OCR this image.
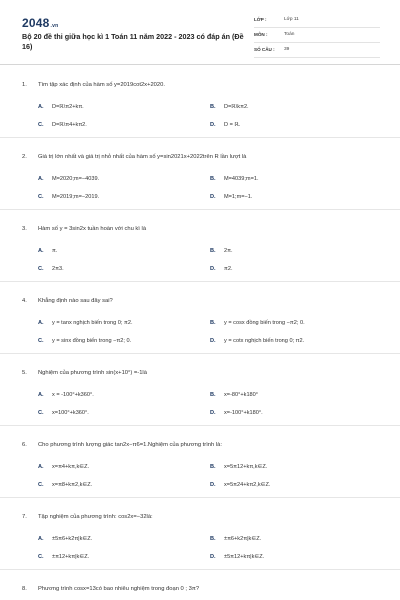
2048.vn
Bộ 20 đề thi giữa học kì 1 Toán 11 năm 2022 - 2023 có đáp án (Đề 16)
LỚP :	Lớp 11
MÔN :	Toán
SỐ CÂU : 39
1. Tìm tập xác định của hàm số y=2019cot2x+2020.
A. D=ℝ\π2+kπ.	B. D=ℝ\kπ2.
C. D=ℝ\π4+kπ2.	D. D = ℝ.
2. Giá trị lớn nhất và giá trị nhỏ nhất của hàm số y=sin2021x+2022trên R lần lượt là
A. M=2020;m=−4039.	B. M=4039;m=1.
C. M=2019;m=−2019.	D. M=1;m=−1.
3. Hàm số y = 3sin2x tuần hoàn với chu kì là
A. π.	B. 2π.
C. 2π3.	D. π2.
4. Khẳng định nào sau đây sai?
A. y = tanx nghịch biến trong 0; π2.	B. y = cosx đồng biến trong −π2; 0.
C. y = sinx đồng biến trong −π2; 0.	D. y = cotx nghịch biến trong 0; π2.
5. Nghiệm của phương trình sin(x+10°) =-1là
A. x = -100°+k360°.	B. x=-80°+k180°
C. x=100°+k360°.	D. x=-100°+k180°.
6. Cho phương trình lượng giác tan2x−π6=1.Nghiệm của phương trình là:
A. x=π4+kπ,k∈Z.	B. x=5π12+kπ,k∈Z.
C. x=π8+kπ2,k∈Z.	D. x=5π24+kπ2,k∈Z.
7. Tập nghiệm của phương trình: cos2x=−32là:
A. ±5π6+k2π|k∈Z.	B. ±π6+k2π|k∈Z.
C. ±π12+kπ|k∈Z.	D. ±5π12+kπ|k∈Z.
8. Phương trình cosx=13có bao nhiêu nghiệm trong đoạn 0 ; 3π?
